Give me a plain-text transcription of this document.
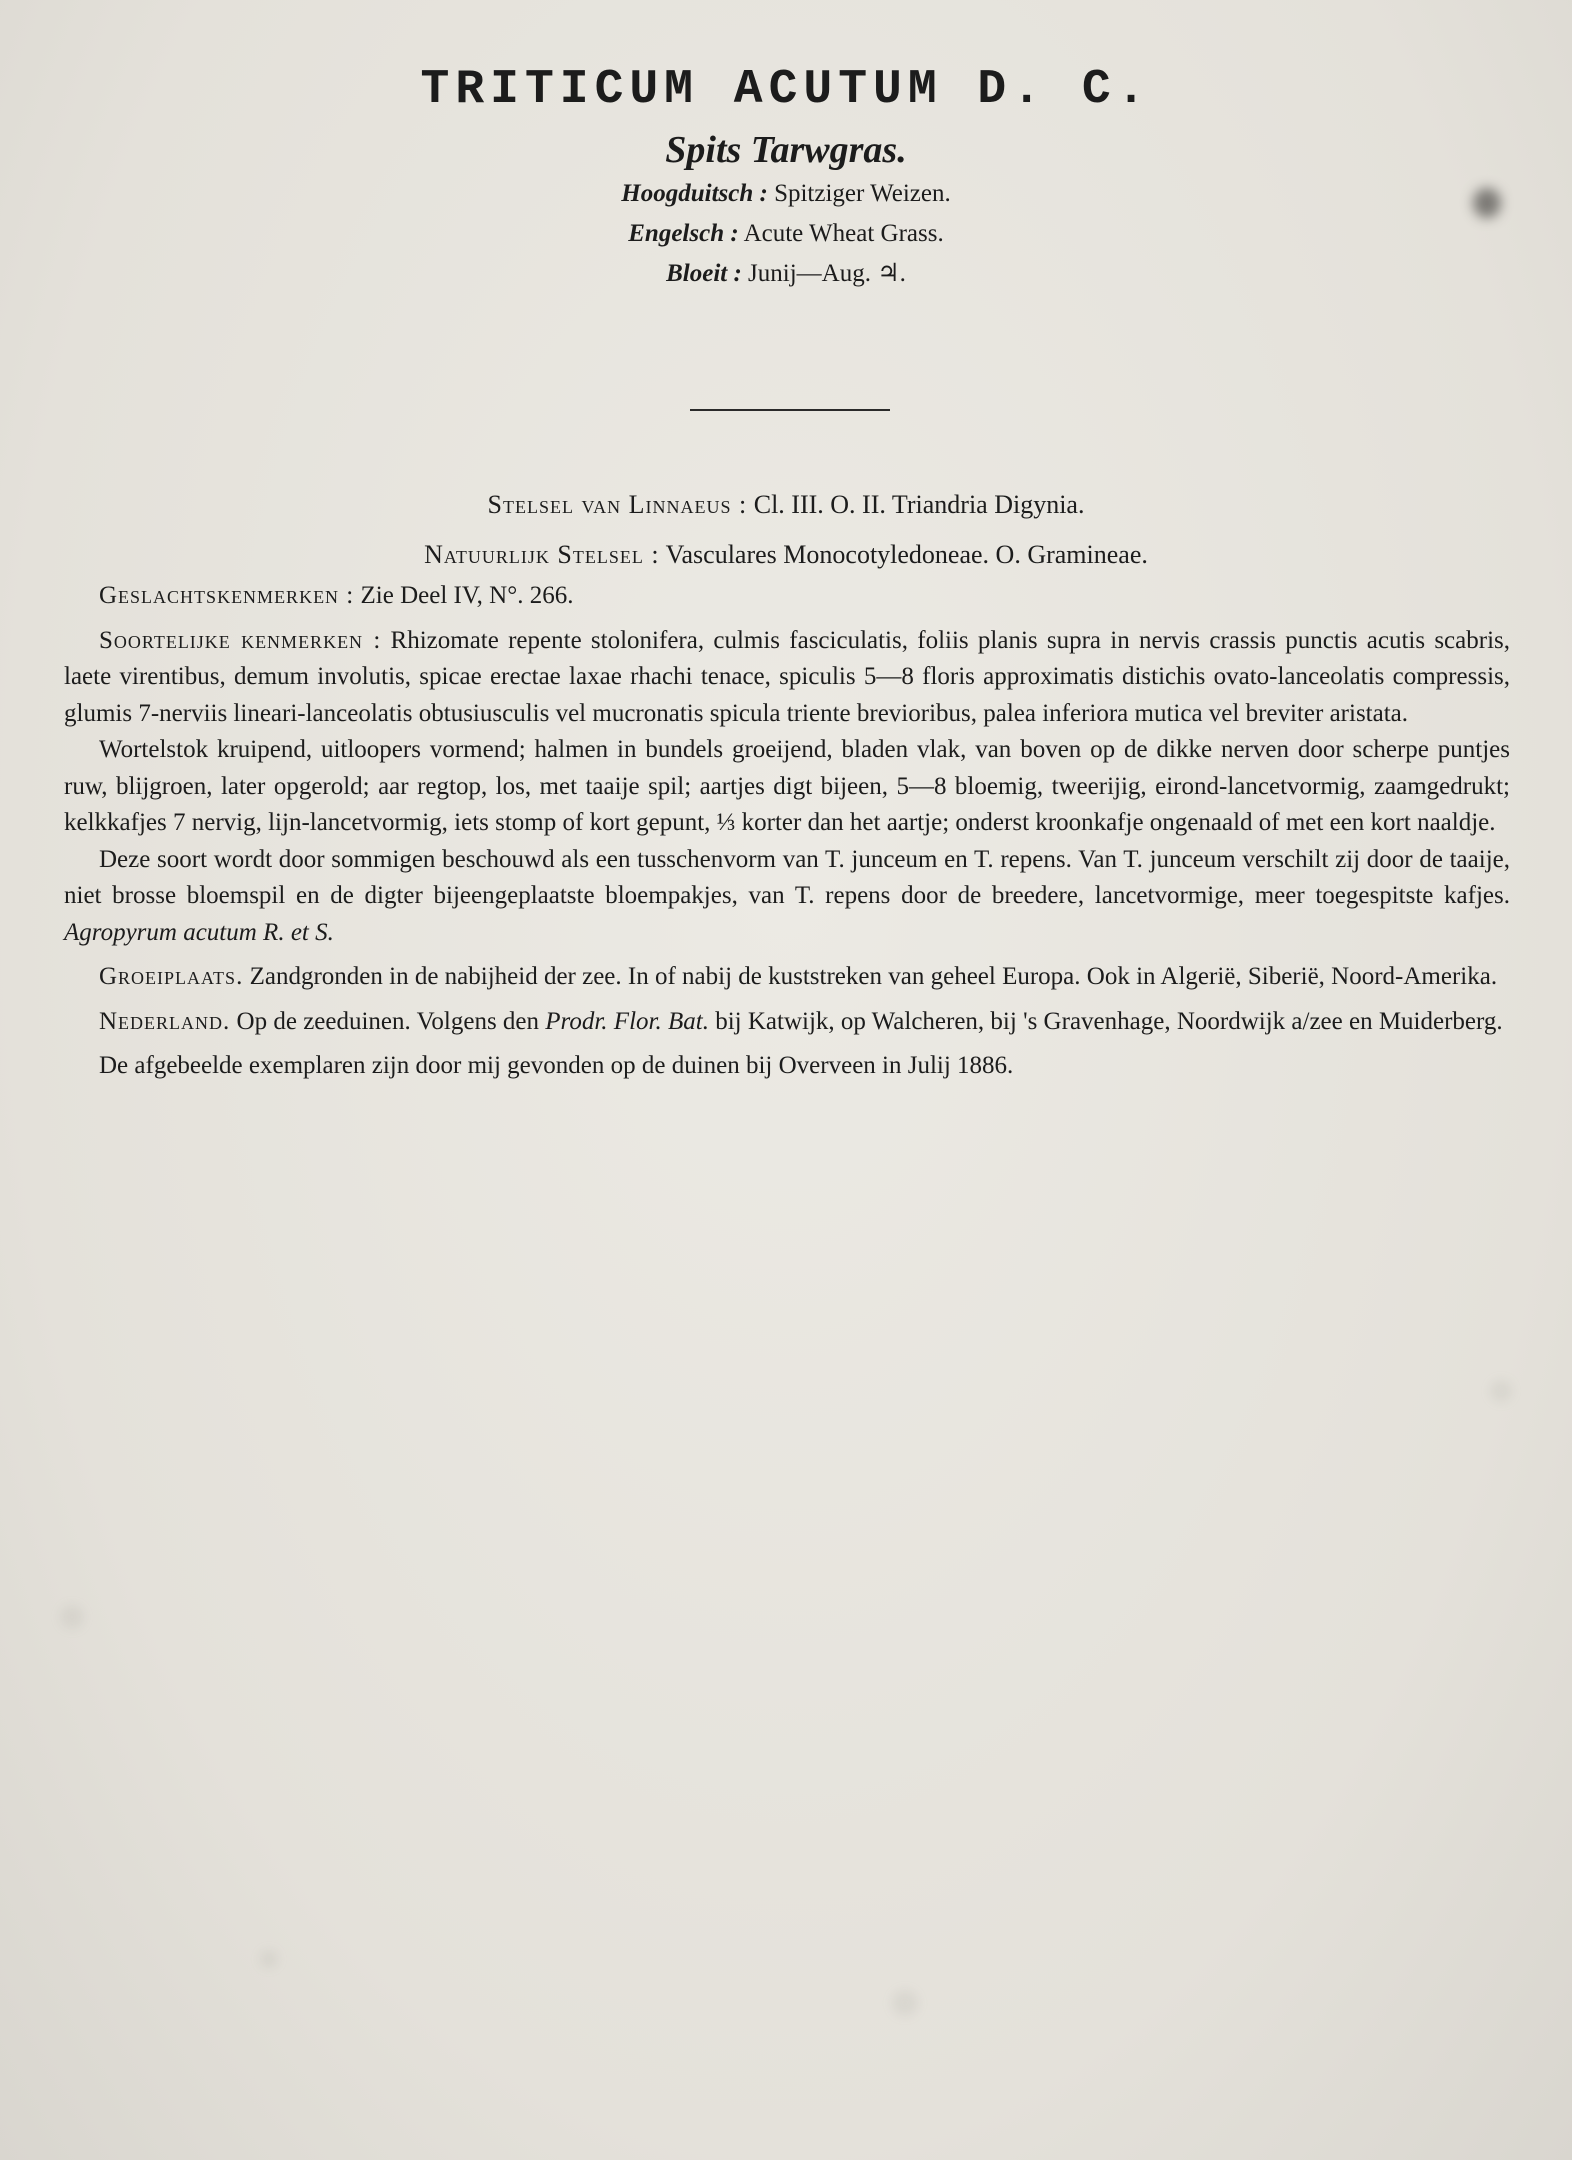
TRITICUM ACUTUM D. C.
Spits Tarwgras.
Hoogduitsch : Spitziger Weizen.
Engelsch : Acute Wheat Grass.
Bloeit : Junij—Aug. ♃.
Stelsel van Linnaeus : Cl. III. O. II. Triandria Digynia.
Natuurlijk Stelsel : Vasculares Monocotyledoneae. O. Gramineae.

Geslachtskenmerken : Zie Deel IV, N°. 266.

Soortelijke kenmerken : Rhizomate repente stolonifera, culmis fasciculatis, foliis planis supra in nervis crassis punctis acutis scabris, laete virentibus, demum involutis, spicae erectae laxae rhachi tenace, spiculis 5—8 floris approximatis distichis ovato-lanceolatis compressis, glumis 7-nerviis lineari-lanceolatis obtusiusculis vel mucronatis spicula triente brevioribus, palea inferiora mutica vel breviter aristata.

Wortelstok kruipend, uitloopers vormend; halmen in bundels groeijend, bladen vlak, van boven op de dikke nerven door scherpe puntjes ruw, blijgroen, later opgerold; aar regtop, los, met taaije spil; aartjes digt bijeen, 5—8 bloemig, tweerijig, eirond-lancetvormig, zaamgedrukt; kelkkafjes 7 nervig, lijn-lancetvormig, iets stomp of kort gepunt, ⅓ korter dan het aartje; onderst kroonkafje ongenaald of met een kort naaldje.

Deze soort wordt door sommigen beschouwd als een tusschenvorm van T. junceum en T. repens. Van T. junceum verschilt zij door de taaije, niet brosse bloemspil en de digter bijeengeplaatste bloempakjes, van T. repens door de breedere, lancetvormige, meer toegespitste kafjes. Agropyrum acutum R. et S.

Groeiplaats. Zandgronden in de nabijheid der zee. In of nabij de kuststreken van geheel Europa. Ook in Algerië, Siberië, Noord-Amerika.

Nederland. Op de zeeduinen. Volgens den Prodr. Flor. Bat. bij Katwijk, op Walcheren, bij 's Gravenhage, Noordwijk a/zee en Muiderberg.

De afgebeelde exemplaren zijn door mij gevonden op de duinen bij Overveen in Julij 1886.
